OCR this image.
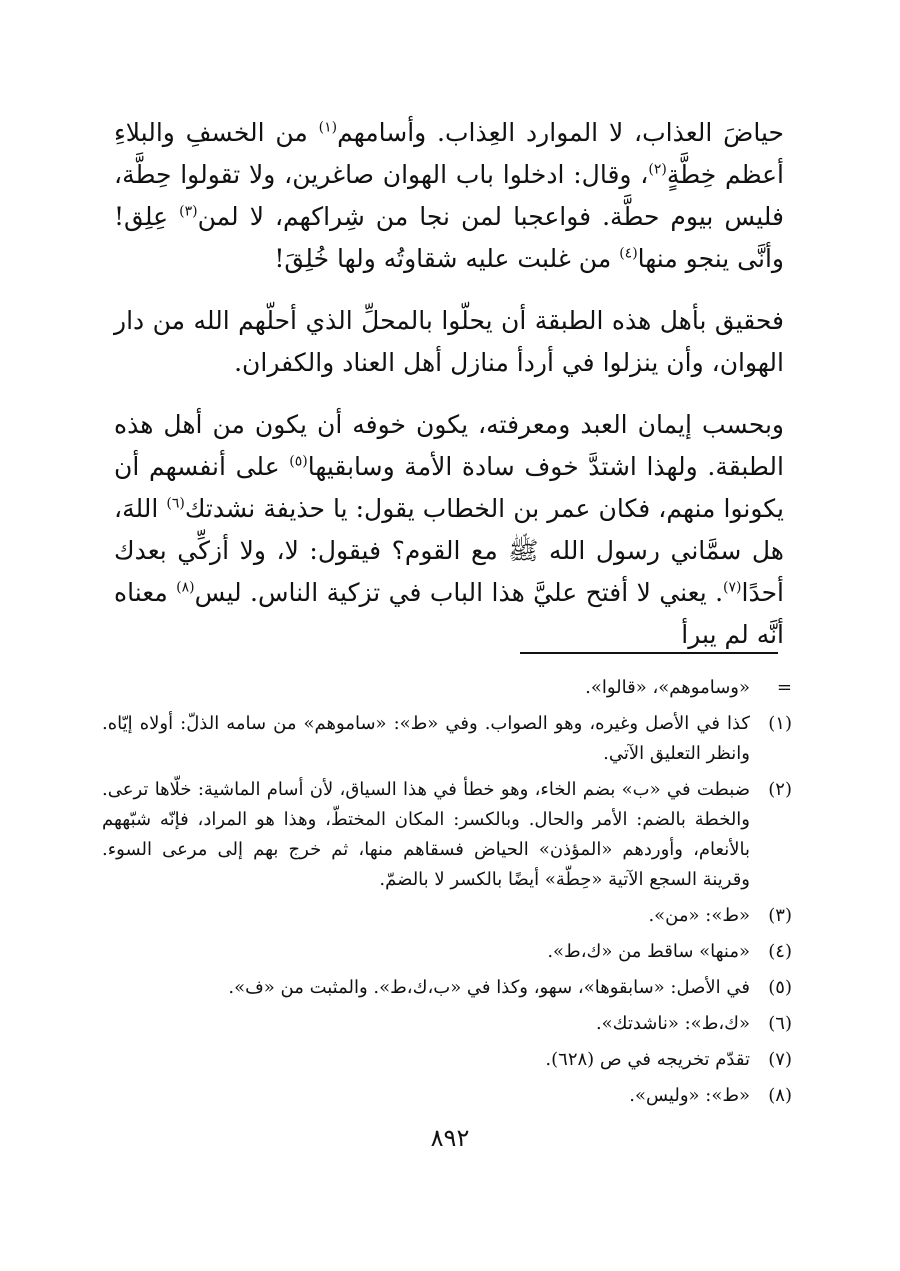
حياضَ العذاب، لا الموارد العِذاب. وأسامهم$^{(١)}$ من الخسفِ والبلاءِ أعظم خِطَّةٍ$^{(٢)}$، وقال: ادخلوا باب الهوان صاغرين، ولا تقولوا حِطَّة، فليس بيوم حطَّة. فواعجبا لمن نجا من شِراكهم، لا لمن$^{(٣)}$ عِلِق! وأنَّى ينجو منها$^{(٤)}$ من غلبت عليه شقاوتُه ولها خُلِقَ!

فحقيق بأهل هذه الطبقة أن يحلّوا بالمحلِّ الذي أحلّهم الله من دار الهوان، وأن ينزلوا في أردأ منازل أهل العناد والكفران.

وبحسب إيمان العبد ومعرفته، يكون خوفه أن يكون من أهل هذه الطبقة. ولهذا اشتدَّ خوف سادة الأمة وسابقيها$^{(٥)}$ على أنفسهم أن يكونوا منهم، فكان عمر بن الخطاب يقول: يا حذيفة نشدتك$^{(٦)}$ اللهَ، هل سمَّاني رسول الله ﷺ مع القوم؟ فيقول: لا، ولا أزكِّي بعدك أحدًا$^{(٧)}$. يعني لا أفتح عليَّ هذا الباب في تزكية الناس. ليس$^{(٨)}$ معناه أنَّه لم يبرأ

=
«وساموهم»، «قالوا».
(١)
كذا في الأصل وغيره، وهو الصواب. وفي «ط»: «ساموهم» من سامه الذلّ: أولاه إيّاه. وانظر التعليق الآتي.
(٢)
ضبطت في «ب» بضم الخاء، وهو خطأ في هذا السياق، لأن أسام الماشية: خلّاها ترعى. والخطة بالضم: الأمر والحال. وبالكسر: المكان المختطّ، وهذا هو المراد، فإنّه شبّههم بالأنعام، وأوردهم «المؤذن» الحياض فسقاهم منها، ثم خرج بهم إلى مرعى السوء. وقرينة السجع الآتية «حِطّة» أيضًا بالكسر لا بالضمّ.
(٣)
«ط»: «من».
(٤)
«منها» ساقط من «ك،ط».
(٥)
في الأصل: «سابقوها»، سهو، وكذا في «ب،ك،ط». والمثبت من «ف».
(٦)
«ك،ط»: «ناشدتك».
(٧)
تقدّم تخريجه في ص (٦٢٨).
(٨)
«ط»: «وليس».
٨٩٢
